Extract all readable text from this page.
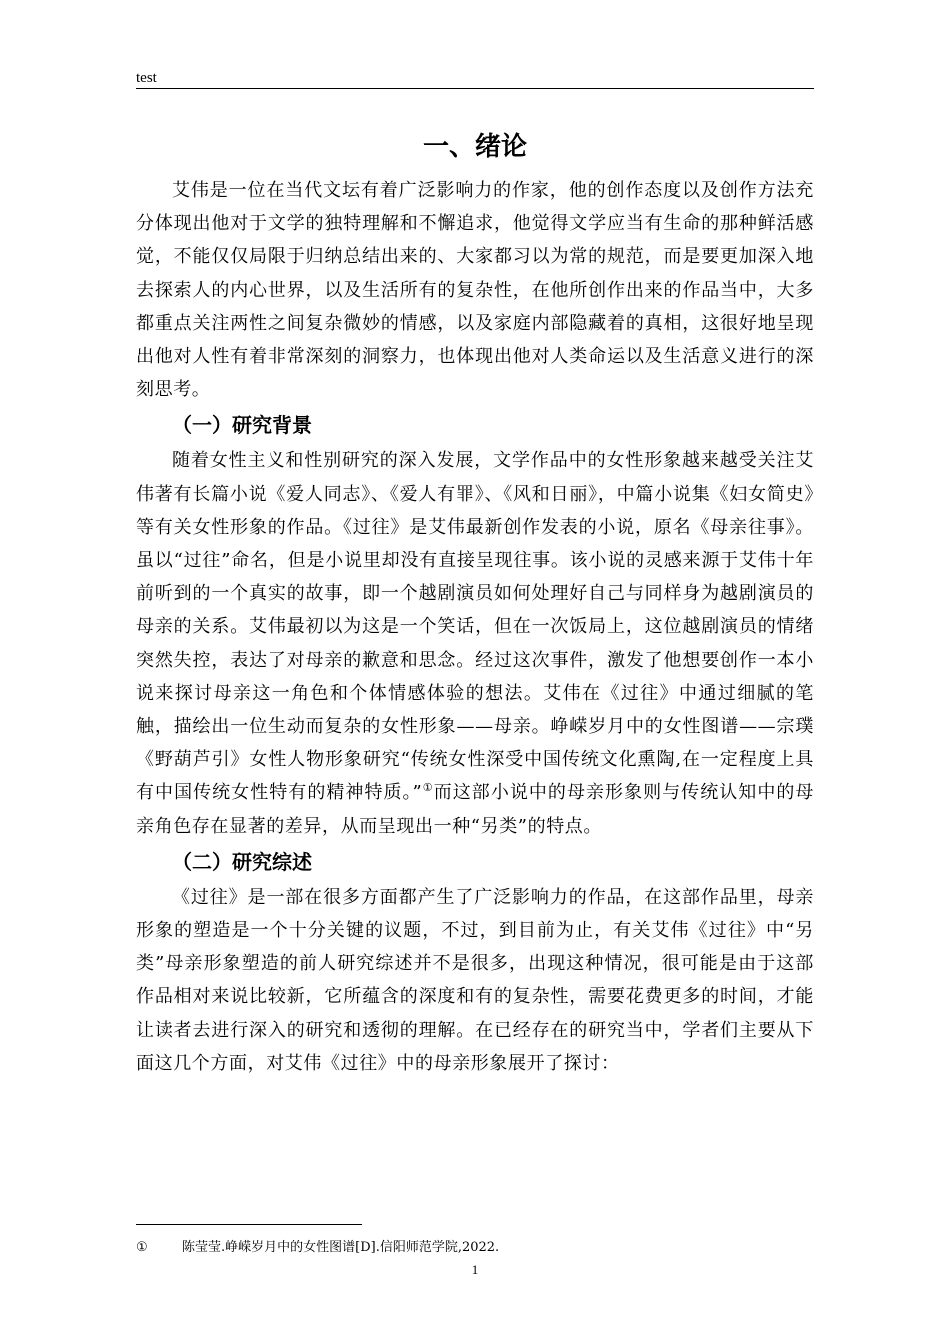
test
一、绪论

艾伟是一位在当代文坛有着广泛影响力的作家，他的创作态度以及创作方法充分体现出他对于文学的独特理解和不懈追求，他觉得文学应当有生命的那种鲜活感觉，不能仅仅局限于归纳总结出来的、大家都习以为常的规范，而是要更加深入地去探索人的内心世界，以及生活所有的复杂性，在他所创作出来的作品当中，大多都重点关注两性之间复杂微妙的情感，以及家庭内部隐藏着的真相，这很好地呈现出他对人性有着非常深刻的洞察力，也体现出他对人类命运以及生活意义进行的深刻思考。

（一）研究背景

随着女性主义和性别研究的深入发展，文学作品中的女性形象越来越受关注艾伟著有长篇小说《爱人同志》、《爱人有罪》、《风和日丽》，中篇小说集《妇女简史》等有关女性形象的作品。《过往》是艾伟最新创作发表的小说，原名《母亲往事》。虽以“过往”命名，但是小说里却没有直接呈现往事。该小说的灵感来源于艾伟十年前听到的一个真实的故事，即一个越剧演员如何处理好自己与同样身为越剧演员的母亲的关系。艾伟最初以为这是一个笑话，但在一次饭局上，这位越剧演员的情绪突然失控，表达了对母亲的歉意和思念。经过这次事件，激发了他想要创作一本小说来探讨母亲这一角色和个体情感体验的想法。艾伟在《过往》中通过细腻的笔触，描绘出一位生动而复杂的女性形象——母亲。峥嵘岁月中的女性图谱——宗璞《野葫芦引》女性人物形象研究“传统女性深受中国传统文化熏陶,在一定程度上具有中国传统女性特有的精神特质。”①而这部小说中的母亲形象则与传统认知中的母亲角色存在显著的差异，从而呈现出一种“另类”的特点。

（二）研究综述

《过往》是一部在很多方面都产生了广泛影响力的作品，在这部作品里，母亲形象的塑造是一个十分关键的议题，不过，到目前为止，有关艾伟《过往》中“另类”母亲形象塑造的前人研究综述并不是很多，出现这种情况，很可能是由于这部作品相对来说比较新，它所蕴含的深度和有的复杂性，需要花费更多的时间，才能让读者去进行深入的研究和透彻的理解。在已经存在的研究当中，学者们主要从下面这几个方面，对艾伟《过往》中的母亲形象展开了探讨：

①	陈莹莹.峥嵘岁月中的女性图谱[D].信阳师范学院,2022.
1
